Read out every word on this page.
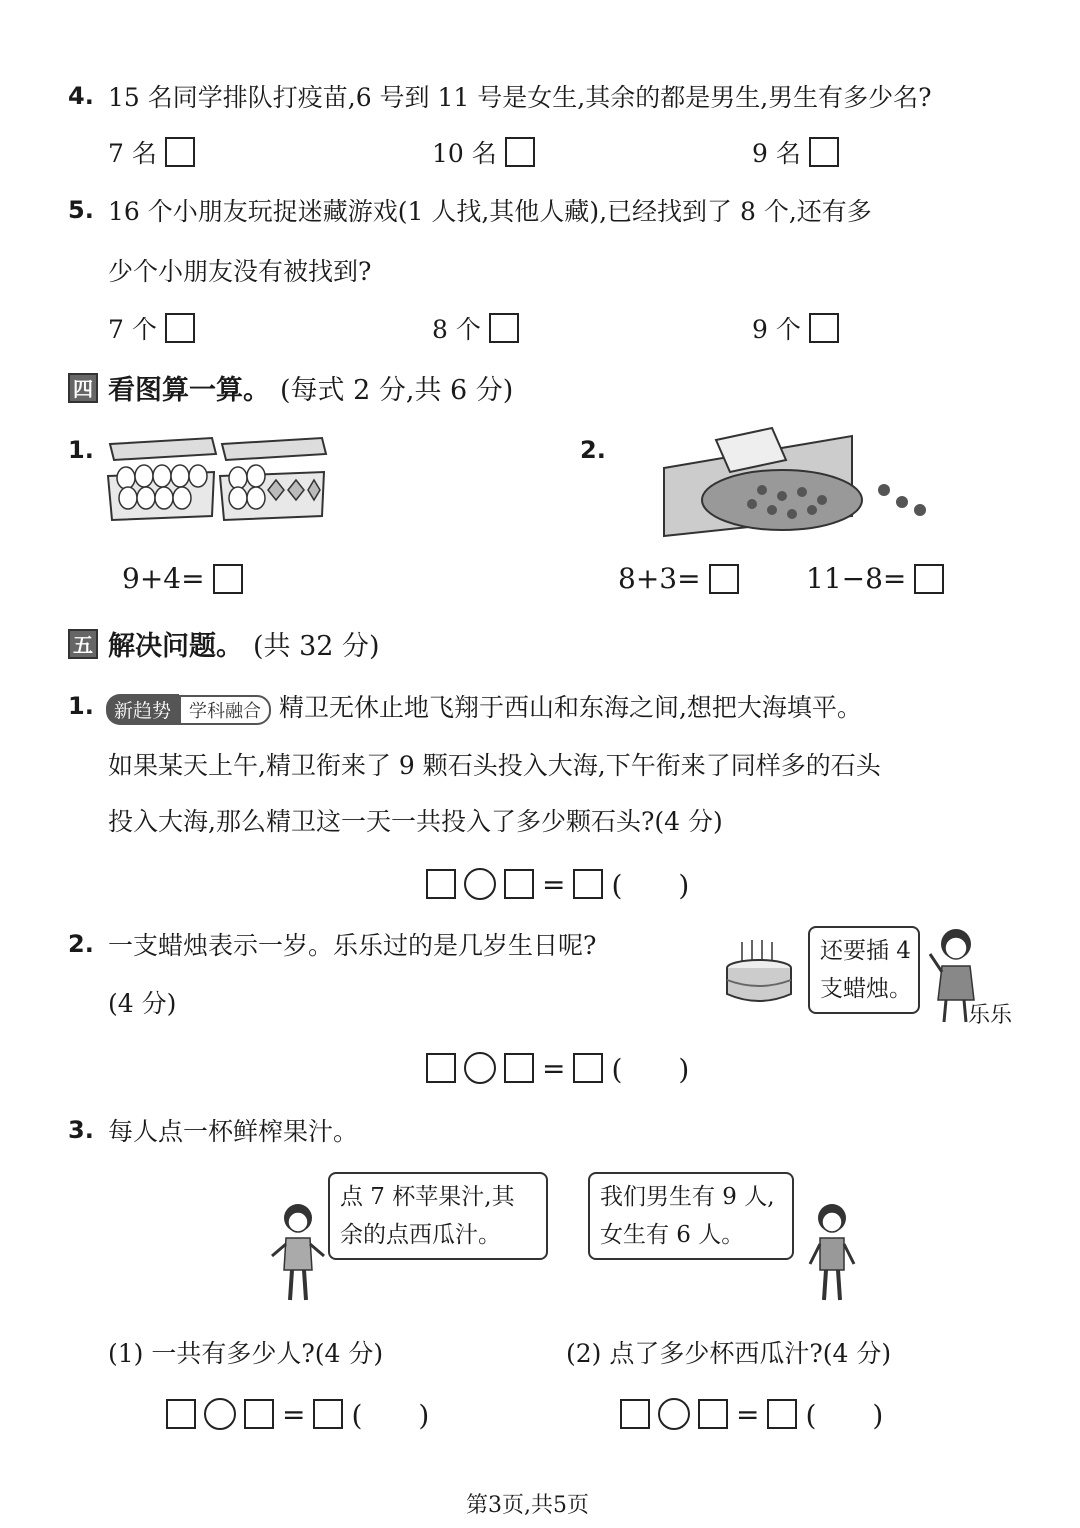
4. 15 名同学排队打疫苗,6 号到 11 号是女生,其余的都是男生,男生有多少名?
7 名	10 名	9 名
5. 16 个小朋友玩捉迷藏游戏(1 人找,其他人藏),已经找到了 8 个,还有多
少个小朋友没有被找到?
7 个	8 个	9 个
四 看图算一算。 (每式 2 分,共 6 分)
1.
9+4=
2.
8+3=	11−8=
五 解决问题。 (共 32 分)
1.	新趋势 学科融合 精卫无休止地飞翔于西山和东海之间,想把大海填平。
如果某天上午,精卫衔来了 9 颗石头投入大海,下午衔来了同样多的石头
投入大海,那么精卫这一天一共投入了多少颗石头?(4 分)
= (　　)
2. 一支蜡烛表示一岁。乐乐过的是几岁生日呢?
(4 分)
还要插 4
支蜡烛。
乐乐
= (　　)
3. 每人点一杯鲜榨果汁。
点 7 杯苹果汁,其
余的点西瓜汁。
我们男生有 9 人,
女生有 6 人。
(1) 一共有多少人?(4 分)	(2) 点了多少杯西瓜汁?(4 分)
= (　　)	= (　　)
第3页,共5页
